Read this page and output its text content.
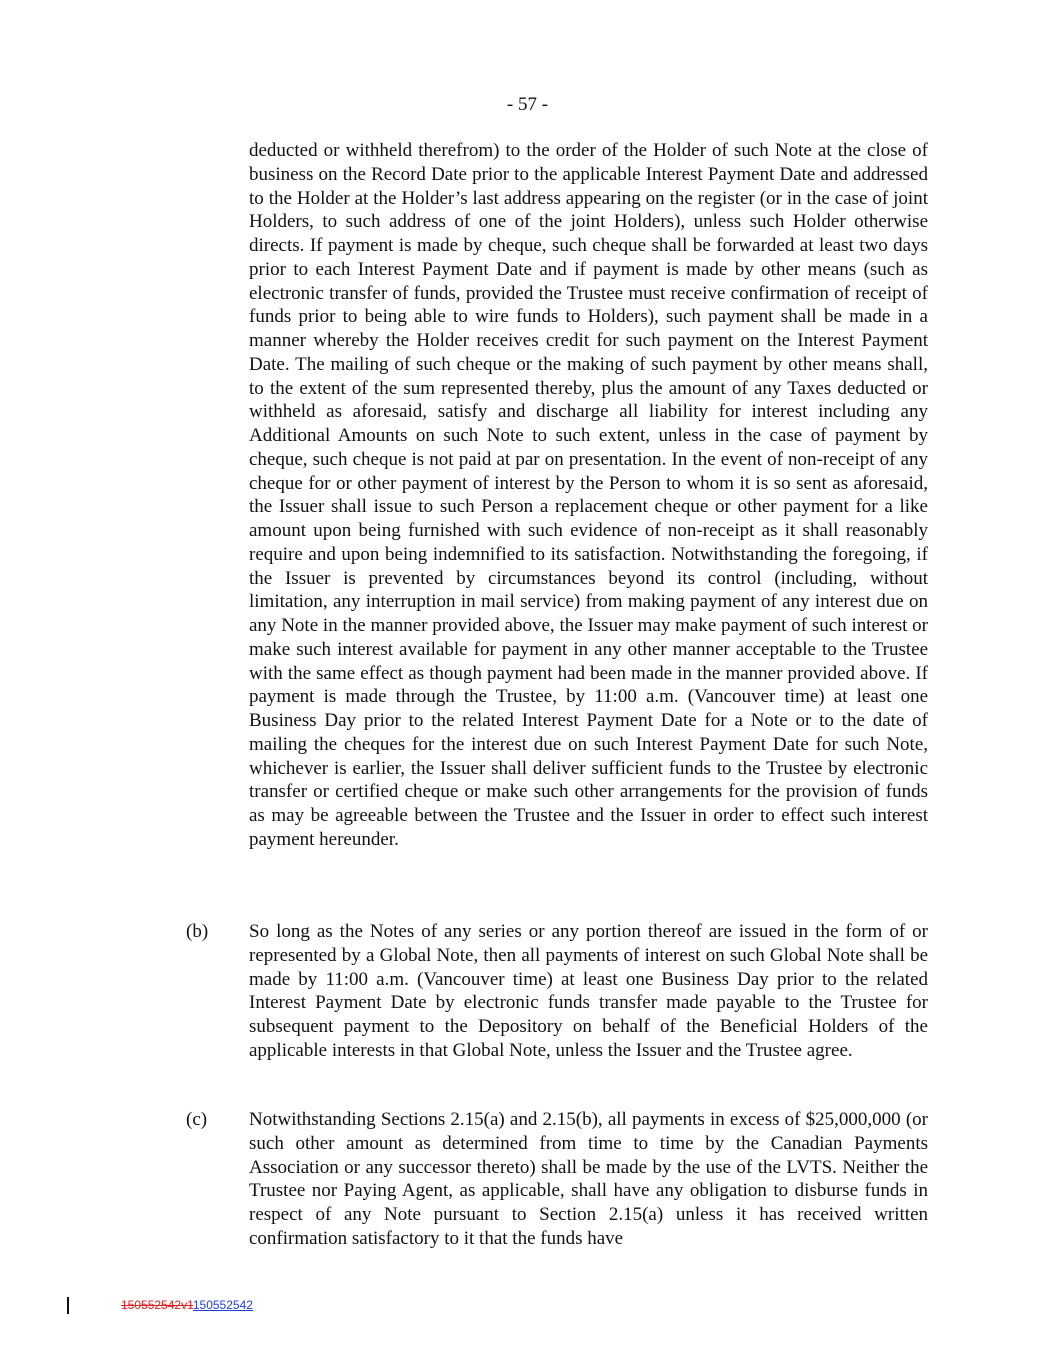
- 57 -
deducted or withheld therefrom) to the order of the Holder of such Note at the close of business on the Record Date prior to the applicable Interest Payment Date and addressed to the Holder at the Holder’s last address appearing on the register (or in the case of joint Holders, to such address of one of the joint Holders), unless such Holder otherwise directs. If payment is made by cheque, such cheque shall be forwarded at least two days prior to each Interest Payment Date and if payment is made by other means (such as electronic transfer of funds, provided the Trustee must receive confirmation of receipt of funds prior to being able to wire funds to Holders), such payment shall be made in a manner whereby the Holder receives credit for such payment on the Interest Payment Date. The mailing of such cheque or the making of such payment by other means shall, to the extent of the sum represented thereby, plus the amount of any Taxes deducted or withheld as aforesaid, satisfy and discharge all liability for interest including any Additional Amounts on such Note to such extent, unless in the case of payment by cheque, such cheque is not paid at par on presentation. In the event of non-receipt of any cheque for or other payment of interest by the Person to whom it is so sent as aforesaid, the Issuer shall issue to such Person a replacement cheque or other payment for a like amount upon being furnished with such evidence of non-receipt as it shall reasonably require and upon being indemnified to its satisfaction. Notwithstanding the foregoing, if the Issuer is prevented by circumstances beyond its control (including, without limitation, any interruption in mail service) from making payment of any interest due on any Note in the manner provided above, the Issuer may make payment of such interest or make such interest available for payment in any other manner acceptable to the Trustee with the same effect as though payment had been made in the manner provided above. If payment is made through the Trustee, by 11:00 a.m. (Vancouver time) at least one Business Day prior to the related Interest Payment Date for a Note or to the date of mailing the cheques for the interest due on such Interest Payment Date for such Note, whichever is earlier, the Issuer shall deliver sufficient funds to the Trustee by electronic transfer or certified cheque or make such other arrangements for the provision of funds as may be agreeable between the Trustee and the Issuer in order to effect such interest payment hereunder.
(b) So long as the Notes of any series or any portion thereof are issued in the form of or represented by a Global Note, then all payments of interest on such Global Note shall be made by 11:00 a.m. (Vancouver time) at least one Business Day prior to the related Interest Payment Date by electronic funds transfer made payable to the Trustee for subsequent payment to the Depository on behalf of the Beneficial Holders of the applicable interests in that Global Note, unless the Issuer and the Trustee agree.
(c) Notwithstanding Sections 2.15(a) and 2.15(b), all payments in excess of $25,000,000 (or such other amount as determined from time to time by the Canadian Payments Association or any successor thereto) shall be made by the use of the LVTS. Neither the Trustee nor Paying Agent, as applicable, shall have any obligation to disburse funds in respect of any Note pursuant to Section 2.15(a) unless it has received written confirmation satisfactory to it that the funds have
150552542v1150552542
